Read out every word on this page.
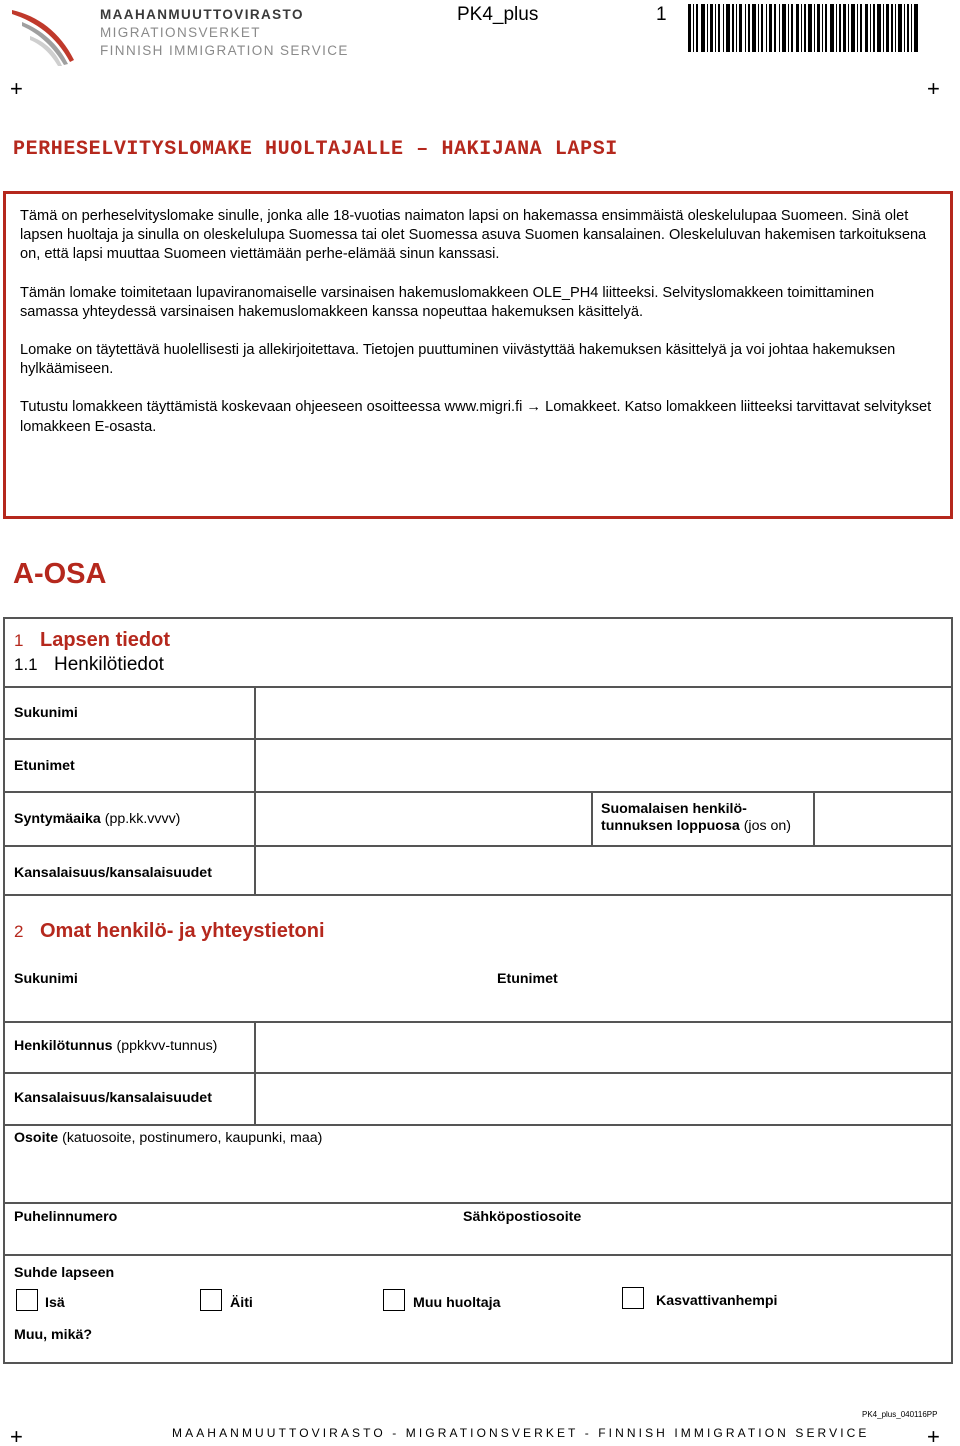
MAAHANMUUTTOVIRASTO
MIGRATIONSVERKET
FINNISH IMMIGRATION SERVICE
PK4_plus	1
+	+
PERHESELVITYSLOMAKE HUOLTAJALLE – HAKIJANA LAPSI

Tämä on perheselvityslomake sinulle, jonka alle 18-vuotias naimaton lapsi on hakemassa ensimmäistä oleskelulupaa Suomeen. Sinä olet lapsen huoltaja ja sinulla on oleskelulupa Suomessa tai olet Suomessa asuva Suomen kansalainen. Oleskeluluvan hakemisen tarkoituksena on, että lapsi muuttaa Suomeen viettämään perhe-elämää sinun kanssasi.

Tämän lomake toimitetaan lupaviranomaiselle varsinaisen hakemuslomakkeen OLE_PH4 liitteeksi. Selvityslomakkeen toimittaminen samassa yhteydessä varsinaisen hakemuslomakkeen kanssa nopeuttaa hakemuksen käsittelyä.

Lomake on täytettävä huolellisesti ja allekirjoitettava. Tietojen puuttuminen viivästyttää hakemuksen käsittelyä ja voi johtaa hakemuksen hylkäämiseen.

Tutustu lomakkeen täyttämistä koskevaan ohjeeseen osoitteessa www.migri.fi → Lomakkeet. Katso lomakkeen liitteeksi tarvittavat selvitykset lomakkeen E-osasta.

A-OSA
1 Lapsen tiedot
1.1 Henkilötiedot
Sukunimi
Etunimet
Syntymäaika (pp.kk.vvvv)
Suomalaisen henkilö-
tunnuksen loppuosa (jos on)
Kansalaisuus/kansalaisuudet
2 Omat henkilö- ja yhteystietoni
Sukunimi	Etunimet
Henkilötunnus (ppkkvv-tunnus)
Kansalaisuus/kansalaisuudet
Osoite (katuosoite, postinumero, kaupunki, maa)
Puhelinnumero	Sähköpostiosoite
Suhde lapseen
Isä	Äiti	Muu huoltaja	Kasvattivanhempi
Muu, mikä?
+	+
PK4_plus_040116PP
MAAHANMUUTTOVIRASTO - MIGRATIONSVERKET - FINNISH IMMIGRATION SERVICE
